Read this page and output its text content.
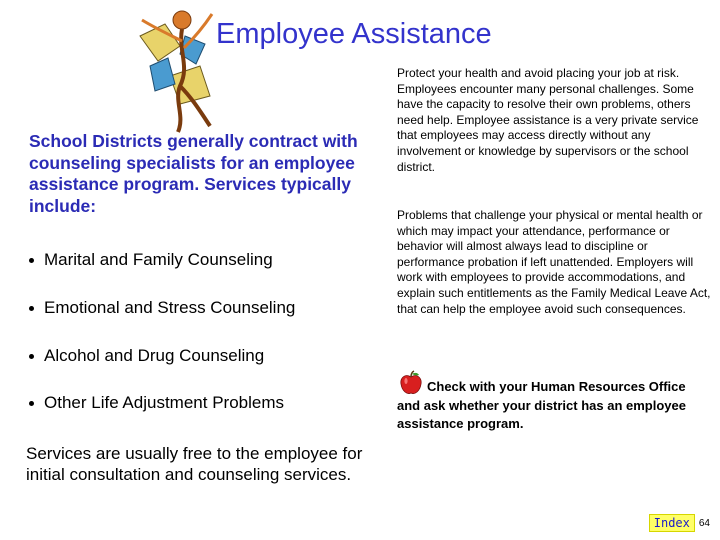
Employee Assistance

School Districts generally contract with counseling specialists for an employee assistance program. Services typically include:

Marital and Family Counseling
Emotional and Stress Counseling
Alcohol and Drug Counseling
Other Life Adjustment Problems

Services are usually free to the employee for initial consultation and counseling services.

Protect your health and avoid placing your job at risk. Employees encounter many personal challenges. Some have the capacity to resolve their own problems, others need help. Employee assistance is a very private service that employees may access directly without any involvement or knowledge by supervisors or the school district.

Problems that challenge your physical or mental health or which may impact your attendance, performance or behavior will almost always lead to discipline or performance probation if left unattended. Employers will work with employees to provide accommodations, and explain such entitlements as the Family Medical Leave Act, that can help the employee avoid such consequences.

Check with your Human Resources Office and ask whether your district has an employee assistance program.

Index 64
